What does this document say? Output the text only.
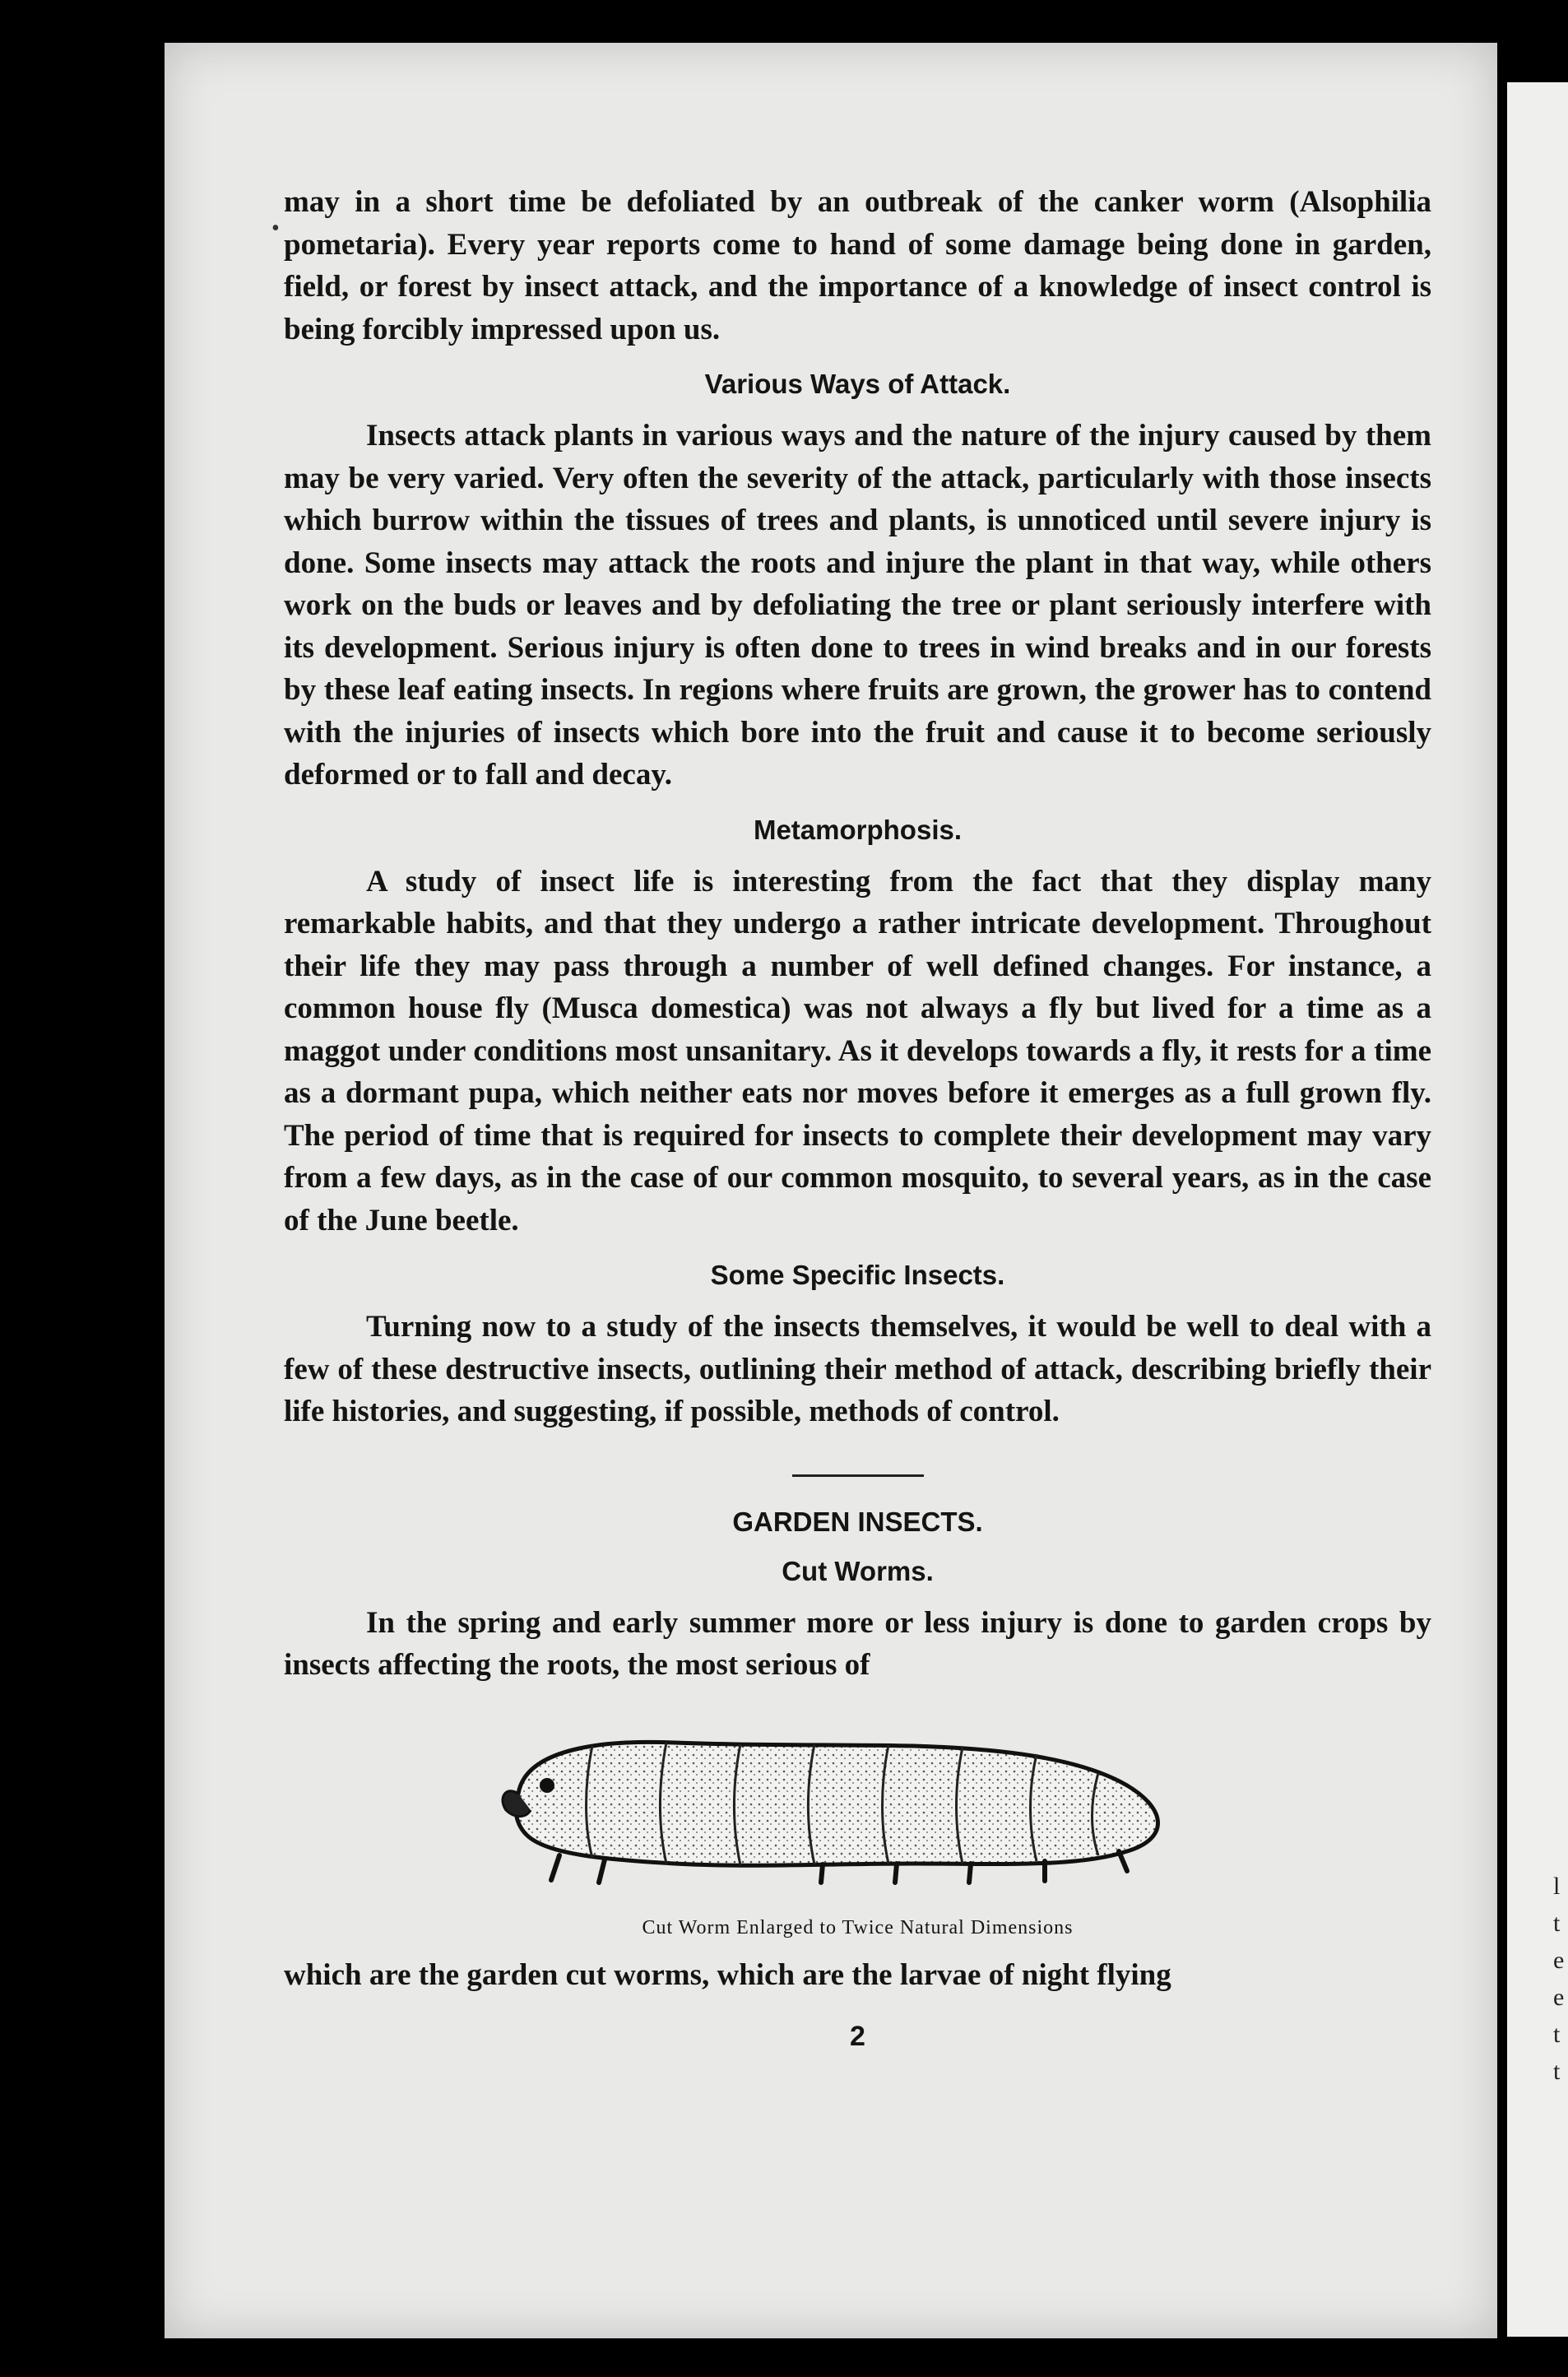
l
t
e
e
t
t
•

may in a short time be defoliated by an outbreak of the canker worm (Alsophilia pometaria). Every year reports come to hand of some damage being done in garden, field, or forest by insect attack, and the importance of a knowledge of insect control is being forcibly impressed upon us.

Various Ways of Attack.

Insects attack plants in various ways and the nature of the injury caused by them may be very varied. Very often the severity of the attack, particularly with those insects which burrow within the tissues of trees and plants, is unnoticed until severe injury is done. Some insects may attack the roots and injure the plant in that way, while others work on the buds or leaves and by defoliating the tree or plant seriously interfere with its development. Serious injury is often done to trees in wind breaks and in our forests by these leaf eating insects. In regions where fruits are grown, the grower has to contend with the injuries of insects which bore into the fruit and cause it to become seriously deformed or to fall and decay.

Metamorphosis.

A study of insect life is interesting from the fact that they display many remarkable habits, and that they undergo a rather intricate development. Throughout their life they may pass through a number of well defined changes. For instance, a common house fly (Musca domestica) was not always a fly but lived for a time as a maggot under conditions most unsanitary. As it develops towards a fly, it rests for a time as a dormant pupa, which neither eats nor moves before it emerges as a full grown fly. The period of time that is required for insects to complete their development may vary from a few days, as in the case of our common mosquito, to several years, as in the case of the June beetle.

Some Specific Insects.

Turning now to a study of the insects themselves, it would be well to deal with a few of these destructive insects, outlining their method of attack, describing briefly their life histories, and suggesting, if possible, methods of control.

GARDEN INSECTS.
Cut Worms.

In the spring and early summer more or less injury is done to garden crops by insects affecting the roots, the most serious of

Cut Worm Enlarged to Twice Natural Dimensions

which are the garden cut worms, which are the larvae of night flying

2
